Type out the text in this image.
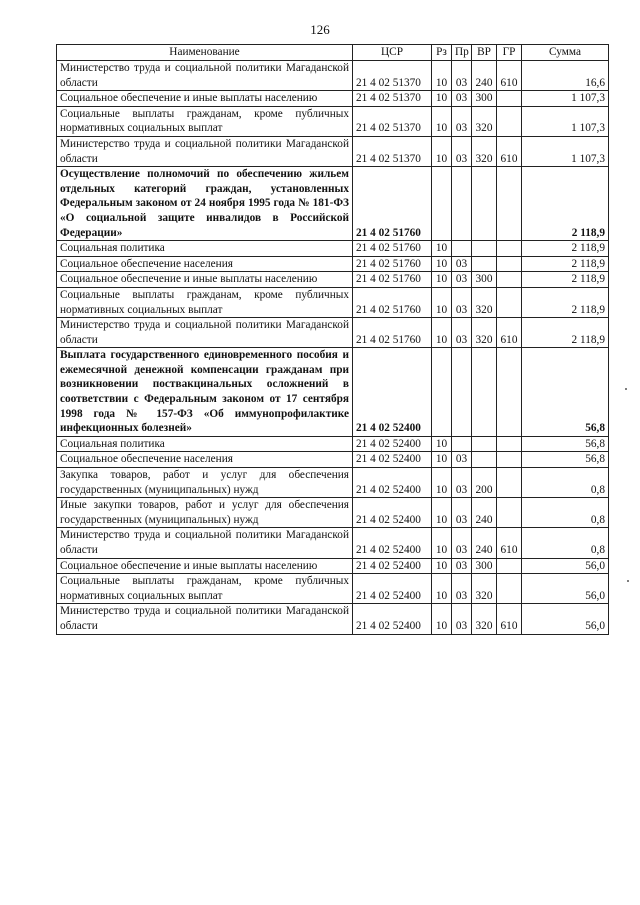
126
Наименование	ЦСР	Рз	Пр	ВР	ГР	Сумма
Министерство труда и социальной политики Магаданской области	21 4 02 51370	10	03	240	610	16,6
Социальное обеспечение и иные выплаты населению	21 4 02 51370	10	03	300		1 107,3
Социальные выплаты гражданам, кроме публичных нормативных социальных выплат	21 4 02 51370	10	03	320		1 107,3
Министерство труда и социальной политики Магаданской области	21 4 02 51370	10	03	320	610	1 107,3
Осуществление полномочий по обеспечению жильем отдельных категорий граждан, установленных Федеральным законом от 24 ноября 1995 года № 181-ФЗ «О социальной защите инвалидов в Российской Федерации»	21 4 02 51760					2 118,9
Социальная политика	21 4 02 51760	10				2 118,9
Социальное обеспечение населения	21 4 02 51760	10	03			2 118,9
Социальное обеспечение и иные выплаты населению	21 4 02 51760	10	03	300		2 118,9
Социальные выплаты гражданам, кроме публичных нормативных социальных выплат	21 4 02 51760	10	03	320		2 118,9
Министерство труда и социальной политики Магаданской области	21 4 02 51760	10	03	320	610	2 118,9
Выплата государственного единовременного пособия и ежемесячной денежной компенсации гражданам при возникновении поствакцинальных осложнений в соответствии с Федеральным законом от 17 сентября 1998 года № 157-ФЗ «Об иммунопрофилактике инфекционных болезней»	21 4 02 52400					56,8
Социальная политика	21 4 02 52400	10				56,8
Социальное обеспечение населения	21 4 02 52400	10	03			56,8
Закупка товаров, работ и услуг для обеспечения государственных (муниципальных) нужд	21 4 02 52400	10	03	200		0,8
Иные закупки товаров, работ и услуг для обеспечения государственных (муниципальных) нужд	21 4 02 52400	10	03	240		0,8
Министерство труда и социальной политики Магаданской области	21 4 02 52400	10	03	240	610	0,8
Социальное обеспечение и иные выплаты населению	21 4 02 52400	10	03	300		56,0
Социальные выплаты гражданам, кроме публичных нормативных социальных выплат	21 4 02 52400	10	03	320		56,0
Министерство труда и социальной политики Магаданской области	21 4 02 52400	10	03	320	610	56,0
